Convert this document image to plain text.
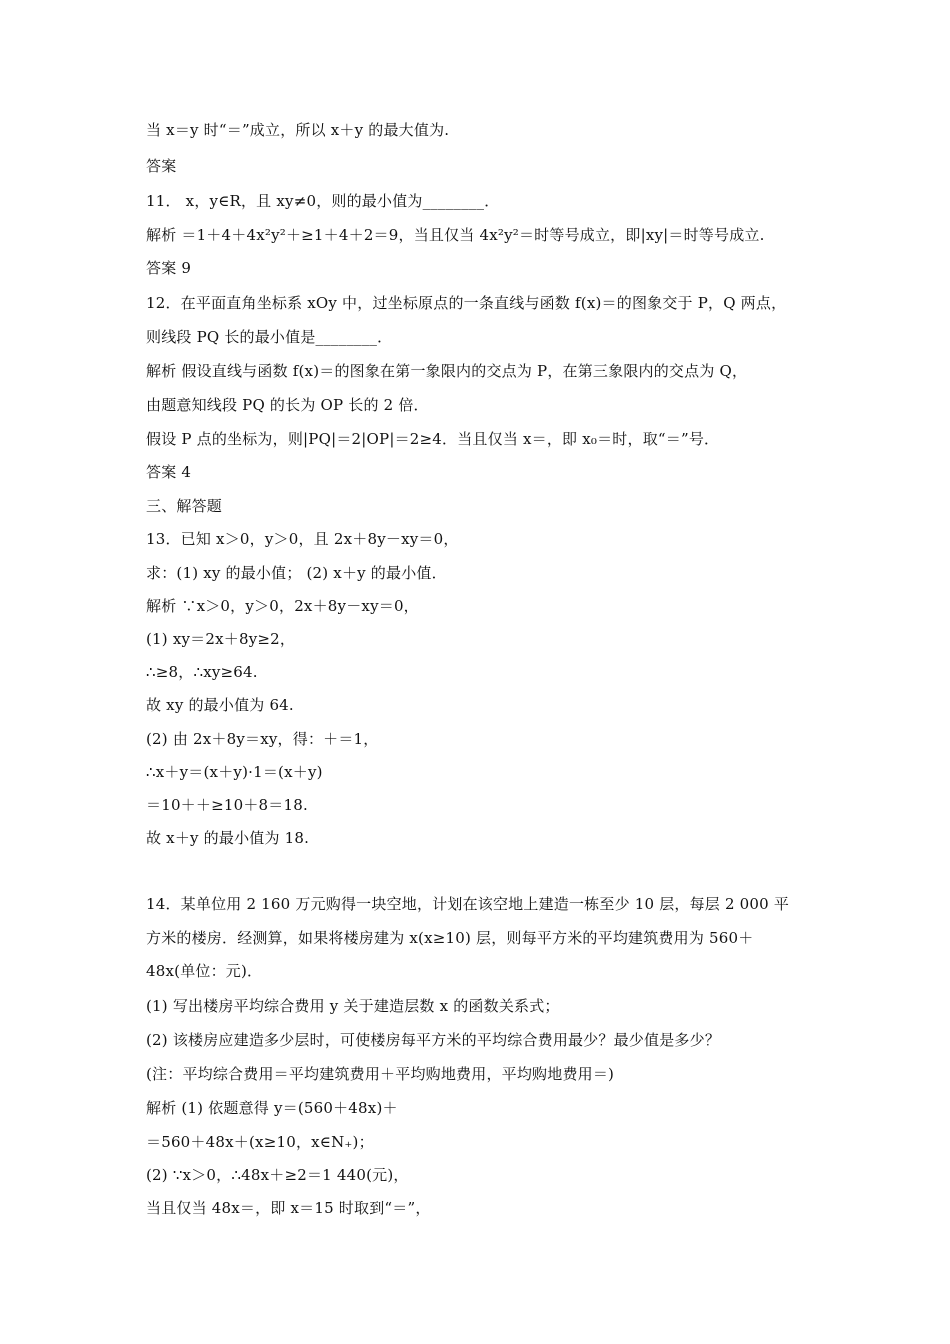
当 x＝y 时“＝”成立，所以 x＋y 的最大值为.
答案
11． x，y∈R，且 xy≠0，则的最小值为________．
解析 ＝1＋4＋4x²y²＋≥1＋4＋2＝9，当且仅当 4x²y²＝时等号成立，即|xy|＝时等号成立.
答案 9
12．在平面直角坐标系 xOy 中，过坐标原点的一条直线与函数 f(x)＝的图象交于 P，Q 两点，
则线段 PQ 长的最小值是________．
解析 假设直线与函数 f(x)＝的图象在第一象限内的交点为 P，在第三象限内的交点为 Q，
由题意知线段 PQ 的长为 OP 长的 2 倍．
假设 P 点的坐标为，则|PQ|＝2|OP|＝2≥4．当且仅当 x＝，即 x₀＝时，取“＝”号．
答案 4
三、解答题
13．已知 x＞0，y＞0，且 2x＋8y－xy＝0，
求：(1) xy 的最小值； (2) x＋y 的最小值．
解析 ∵x＞0，y＞0，2x＋8y－xy＝0，
(1) xy＝2x＋8y≥2，
∴≥8，∴xy≥64.
故 xy 的最小值为 64.
(2) 由 2x＋8y＝xy，得：＋＝1，
∴x＋y＝(x＋y)·1＝(x＋y)
＝10＋＋≥10＋8＝18.
故 x＋y 的最小值为 18.
14．某单位用 2 160 万元购得一块空地，计划在该空地上建造一栋至少 10 层，每层 2 000 平
方米的楼房．经测算，如果将楼房建为 x(x≥10) 层，则每平方米的平均建筑费用为 560＋
48x(单位：元)．
(1) 写出楼房平均综合费用 y 关于建造层数 x 的函数关系式；
(2) 该楼房应建造多少层时，可使楼房每平方米的平均综合费用最少？最少值是多少？
(注：平均综合费用＝平均建筑费用＋平均购地费用，平均购地费用＝)
解析 (1) 依题意得 y＝(560＋48x)＋
＝560＋48x＋(x≥10，x∈N₊)；
(2) ∵x＞0，∴48x＋≥2＝1 440(元)，
当且仅当 48x＝，即 x＝15 时取到“＝”，
